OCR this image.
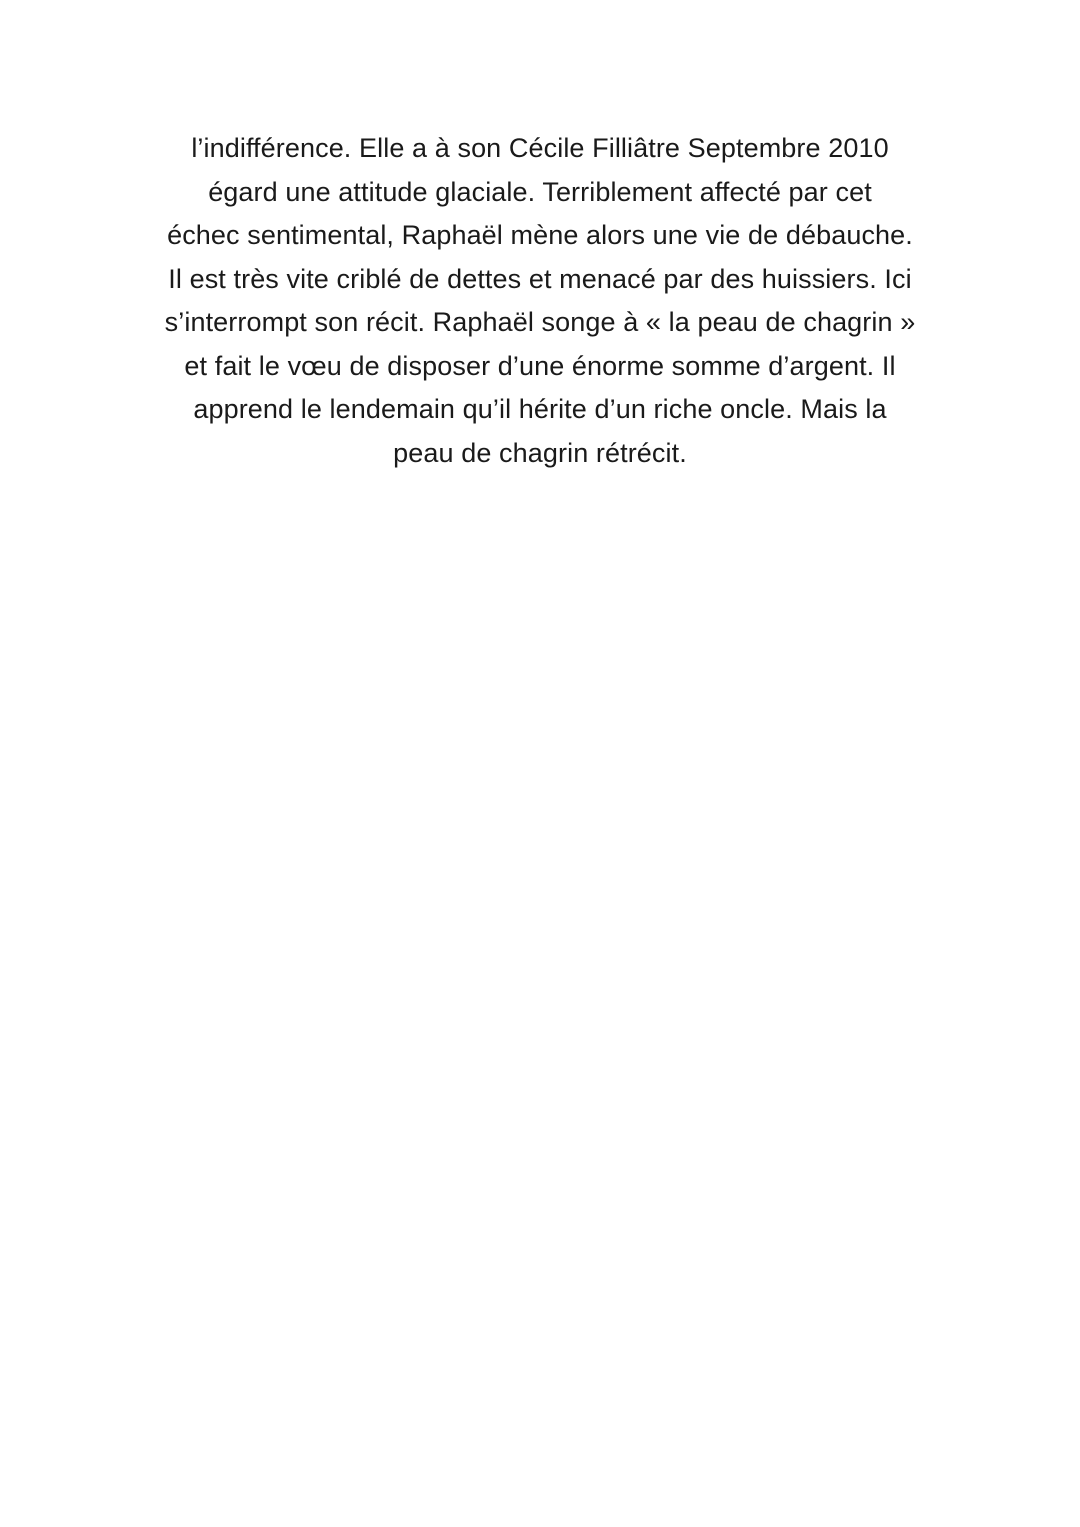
l’indifférence. Elle a à son Cécile Filliâtre Septembre 2010
égard une attitude glaciale. Terriblement affecté par cet
échec sentimental, Raphaël mène alors une vie de débauche.
Il est très vite criblé de dettes et menacé par des huissiers. Ici
s’interrompt son récit. Raphaël songe à « la peau de chagrin »
et fait le vœu de disposer d’une énorme somme d’argent. Il
apprend le lendemain qu’il hérite d’un riche oncle. Mais la
peau de chagrin rétrécit.
